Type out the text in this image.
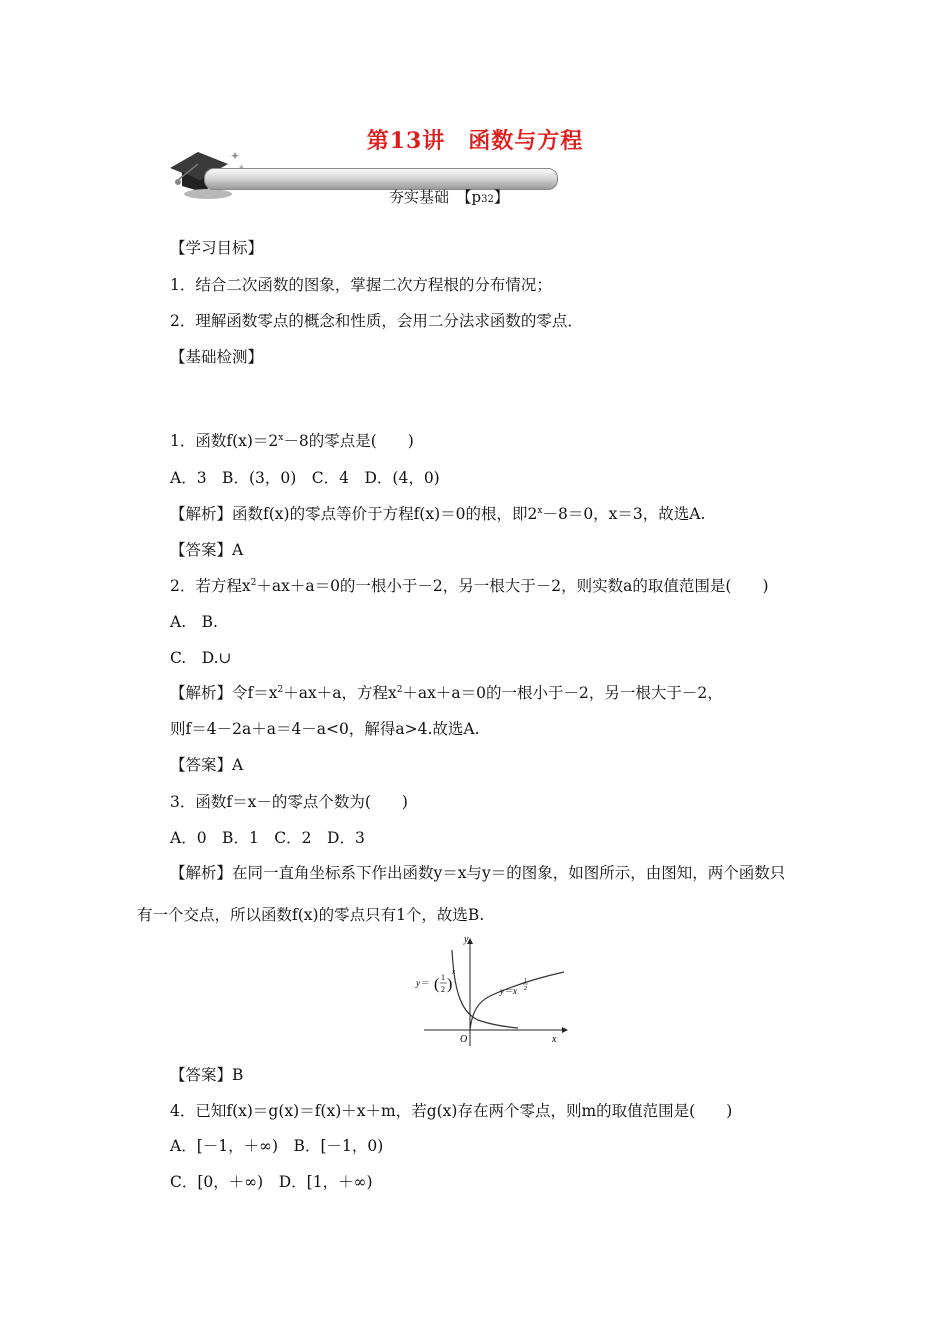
第13讲　函数与方程
✦
夯实基础　【p32】
【学习目标】
1．结合二次函数的图象，掌握二次方程根的分布情况；
2．理解函数零点的概念和性质，会用二分法求函数的零点．
【基础检测】
1．函数$f(x)=2^x-8$的零点是(　　)
A．3　B．(3，0)　C．4　D．(4，0)
【解析】函数f(x)的零点等价于方程f(x)＝0的根，即$2^x-8=0$，x＝3，故选A.
【答案】A
2．若方程$x^2+ax+a=0$的一根小于－2，另一根大于－2，则实数a的取值范围是(　　)
A.　B.
C.　D.∪
【解析】令$f=x^2+ax+a$，方程$x^2+ax+a=0$的一根小于－2，另一根大于－2，
则f＝4－2a＋a＝4－a<0，解得a>4.故选A.
【答案】A
3．函数f＝x－的零点个数为(　　)
A．0　B．1　C．2　D．3
【解析】在同一直角坐标系下作出函数y＝x与y＝的图象，如图所示，由图知，两个函数只
有一个交点，所以函数f(x)的零点只有1个，故选B.
y
x
O
y＝ ( 1
2 )
x
y＝x
1
2
【答案】B
4．已知f(x)＝g(x)＝f(x)＋x＋m，若g(x)存在两个零点，则m的取值范围是(　　)
A．[－1，＋∞)　B．[－1，0)
C．[0，＋∞)　D．[1，＋∞)
